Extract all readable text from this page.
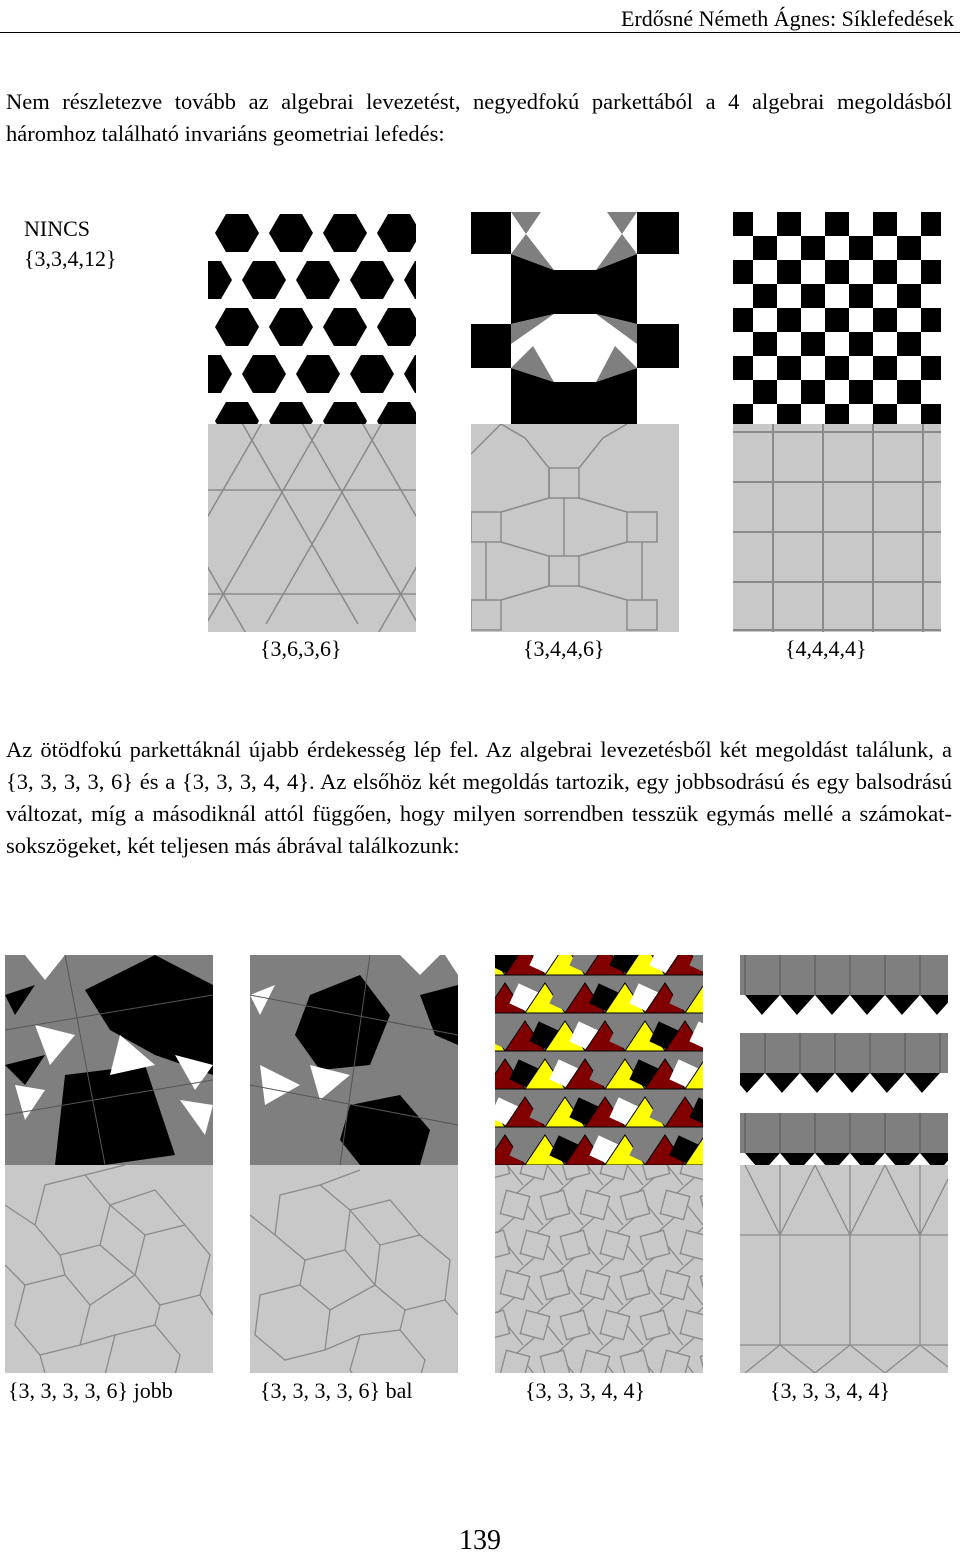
Erdősné Németh Ágnes: Síklefedések

Nem részletezve tovább az algebrai levezetést, negyedfokú parkettából a 4 algebrai megoldásból háromhoz található invariáns geometriai lefedés:

NINCS
{3,3,4,12}
{3,6,3,6}	{3,4,4,6}	{4,4,4,4}

Az ötödfokú parkettáknál újabb érdekesség lép fel. Az algebrai levezetésből két megoldást találunk, a {3, 3, 3, 3, 6} és a {3, 3, 3, 4, 4}. Az elsőhöz két megoldás tartozik, egy jobbsodrású és egy balsodrású változat, míg a másodiknál attól függően, hogy milyen sorrendben tesszük egymás mellé a számokat-sokszögeket, két teljesen más ábrával találkozunk:

{3, 3, 3, 3, 6} jobb	{3, 3, 3, 3, 6} bal	{3, 3, 3, 4, 4}	{3, 3, 3, 4, 4}
139
